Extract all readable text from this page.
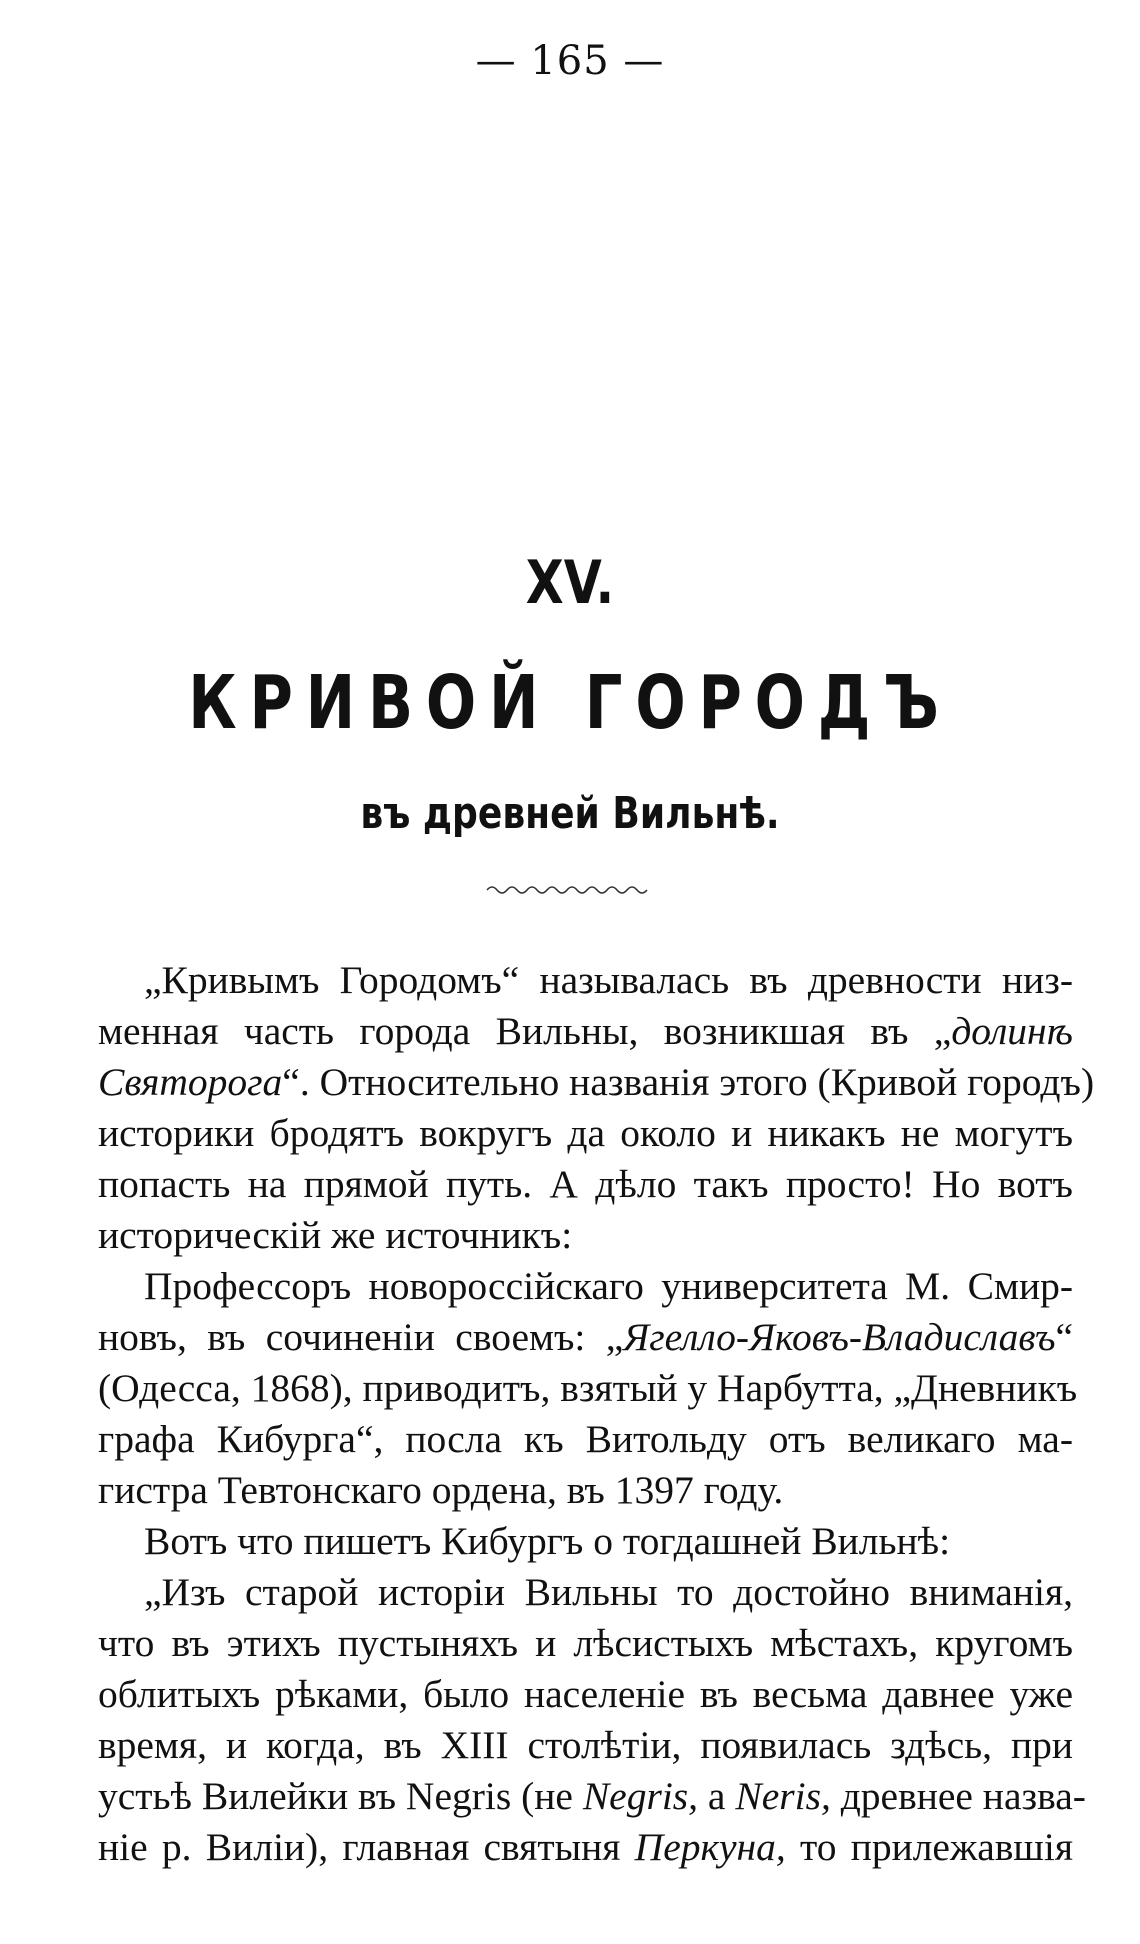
— 165 —
XV.
КРИВОЙ ГОРОДЪ
въ древней Вильнѣ.
„Кривымъ Городомъ“ называлась въ древности низ-
менная часть города Вильны, возникшая въ „долинѣ
Святорога“. Относительно названія этого (Кривой городъ)
историки бродятъ вокругъ да около и никакъ не могутъ
попасть на прямой путь. А дѣло такъ просто! Но вотъ
историческій же источникъ:
Профессоръ новороссійскаго университета М. Смир-
новъ, въ сочиненіи своемъ: „Ягелло-Яковъ-Владиславъ“
(Одесса, 1868), приводитъ, взятый у Нарбутта, „Дневникъ
графа Кибурга“, посла къ Витольду отъ великаго ма-
гистра Тевтонскаго ордена, въ 1397 году.
Вотъ что пишетъ Кибургъ о тогдашней Вильнѣ:
„Изъ старой исторіи Вильны то достойно вниманія,
что въ этихъ пустыняхъ и лѣсистыхъ мѣстахъ, кругомъ
облитыхъ рѣками, было населеніе въ весьма давнее уже
время, и когда, въ XIII столѣтіи, появилась здѣсь, при
устьѣ Вилейки въ Negris (не Negris, а Neris, древнее назва-
ніе р. Виліи), главная святыня Перкуна, то прилежавшія
